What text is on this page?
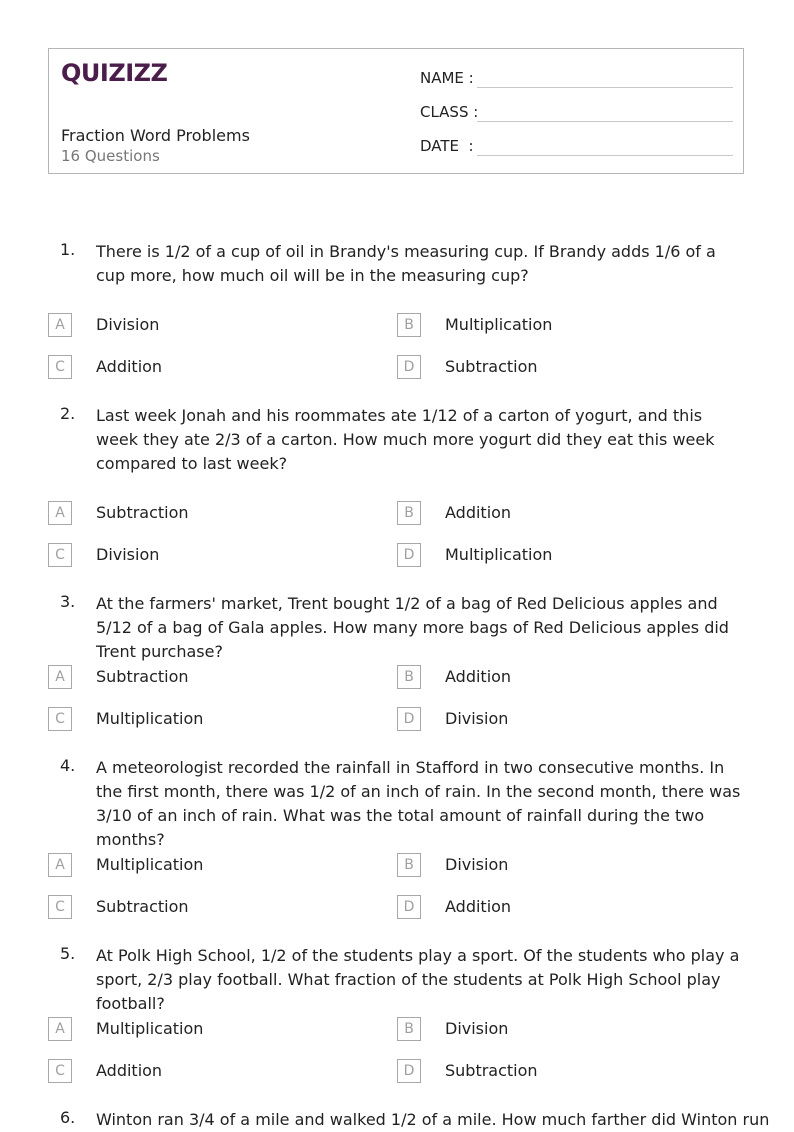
QUIZIZZ
Fraction Word Problems
16 Questions
NAME :
CLASS :
DATE  :
1. There is 1/2 of a cup of oil in Brandy's measuring cup. If Brandy adds 1/6 of a cup more, how much oil will be in the measuring cup?
A	Division	B	Multiplication
C	Addition	D	Subtraction
2. Last week Jonah and his roommates ate 1/12 of a carton of yogurt, and this week they ate 2/3 of a carton. How much more yogurt did they eat this week compared to last week?
A	Subtraction	B	Addition
C	Division	D	Multiplication
3. At the farmers' market, Trent bought 1/2 of a bag of Red Delicious apples and 5/12 of a bag of Gala apples. How many more bags of Red Delicious apples did Trent purchase?
A	Subtraction	B	Addition
C	Multiplication	D	Division
4. A meteorologist recorded the rainfall in Stafford in two consecutive months. In the first month, there was 1/2 of an inch of rain. In the second month, there was 3/10 of an inch of rain. What was the total amount of rainfall during the two months?
A	Multiplication	B	Division
C	Subtraction	D	Addition
5. At Polk High School, 1/2 of the students play a sport. Of the students who play a sport, 2/3 play football. What fraction of the students at Polk High School play football?
A	Multiplication	B	Division
C	Addition	D	Subtraction
6. Winton ran 3/4 of a mile and walked 1/2 of a mile. How much farther did Winton run
